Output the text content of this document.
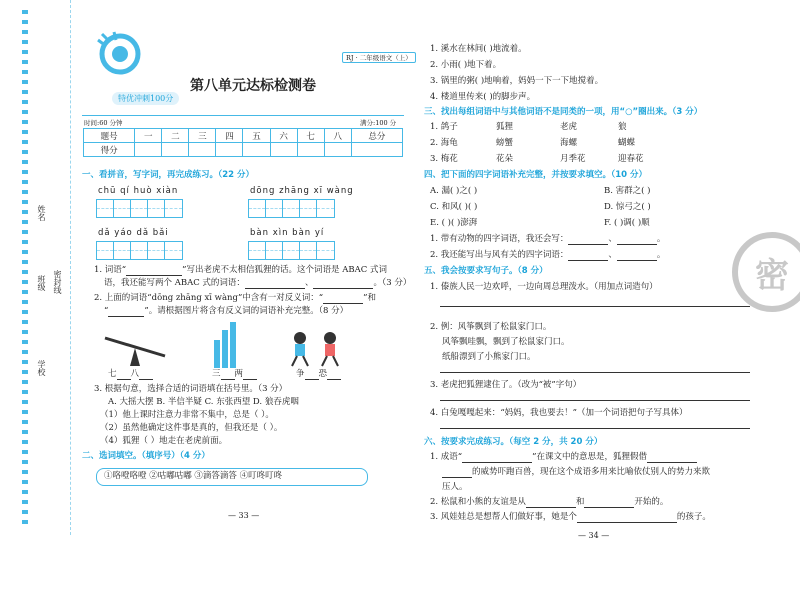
姓名
班级 密封线
学校
特优冲刺100分
RJ · 二年级语文（上）
第八单元达标检测卷
时间:60 分钟	满分:100 分
题号	一	二	三	四	五	六	七	八	总分
得分									
一、看拼音，写字词，再完成练习。（22 分）
chū qí huò xiàn	dōng zhāng xī wàng
dǎ yáo dǎ bǎi	bàn xìn bàn yí
1. 词语“	”写出老虎不太相信狐狸的话。这个词语是 ABAC 式词
语，我还能写两个 ABAC 式的词语：	、	。（3 分）
2. 上面的词语“dōng zhāng xī wàng”中含有一对反义词：“	”和
“	”。请根据图片将含有反义词的词语补充完整。（8 分）
七 八	三 两	争 恐
3. 根据句意，选择合适的词语填在括号里。（3 分）
A. 大摇大摆 B. 半信半疑 C. 东张西望 D. 狼吞虎咽
（1）他上课时注意力非常不集中，总是（ ）。
（2）虽然他确定这件事是真的，但我还是（ ）。
（4）狐狸（ ）地走在老虎前面。
二、选词填空。（填序号）（4 分）
①咯噔咯噔 ②咕嘟咕嘟 ③滴答滴答 ④叮咚叮咚
— 33 —
1. 溪水在林间( )地流着。
2. 小雨( )地下着。
3. 锅里的粥( )地响着，妈妈一下一下地搅着。
4. 楼道里传来( )的脚步声。
三、找出每组词语中与其他词语不是同类的一项，用“○”圈出来。（3 分）
1. 鸽子	狐狸	老虎	狼
2. 海龟	螃蟹	海螺	蝴蝶
3. 梅花	花朵	月季花	迎春花
四、把下面的四字词语补充完整，并按要求填空。（10 分）
A. 漏( )之( )	B. 害群之( )
C. 和风( )( )	D. 惊弓之( )
E. ( )( )澎湃	F. ( )调( )顺
1. 带有动物的四字词语，我还会写：	、	。
2. 我还能写出与风有关的四字词语：	、	。
五、我会按要求写句子。（8 分）
1. 傣族人民一边欢呼，一边向周总理泼水。（用加点词造句）
2. 例：风筝飘到了松鼠家门口。
风筝飘哇飘，飘到了松鼠家门口。
纸船漂到了小熊家门口。
3. 老虎把狐狸逮住了。（改为“被”字句）
4. 白兔嘎嘎起来：“妈妈，我也要去！”（加一个词语把句子写具体）
六、按要求完成练习。（每空 2 分，共 20 分）
1. 成语“	”在课文中的意思是，狐狸假借
的威势吓跑百兽，现在这个成语多用来比喻依仗别人的势力来欺
压人。
2. 松鼠和小熊的友谊是从	和	开始的。
3. 风娃娃总是想帮人们做好事，她是个	的孩子。
— 34 —
密
